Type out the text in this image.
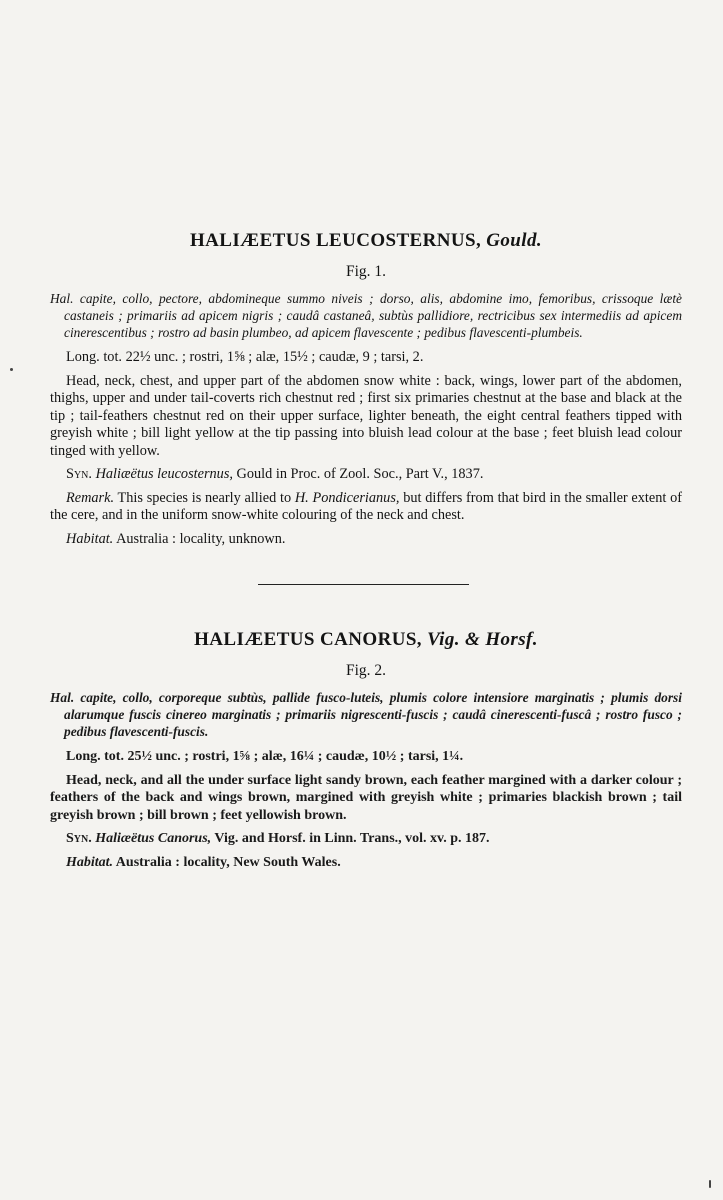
HALIÆETUS LEUCOSTERNUS, Gould.
Fig. 1.

Hal. capite, collo, pectore, abdomineque summo niveis ; dorso, alis, abdomine imo, femoribus, crissoque lætè castaneis ; primariis ad apicem nigris ; caudâ castaneâ, subtùs pallidiore, rectricibus sex intermediis ad apicem cinerescentibus ; rostro ad basin plumbeo, ad apicem flavescente ; pedibus flavescenti-plumbeis.

Long. tot. 22½ unc. ; rostri, 1⅝ ; alæ, 15½ ; caudæ, 9 ; tarsi, 2.

Head, neck, chest, and upper part of the abdomen snow white : back, wings, lower part of the abdomen, thighs, upper and under tail-coverts rich chestnut red ; first six primaries chestnut at the base and black at the tip ; tail-feathers chestnut red on their upper surface, lighter beneath, the eight central feathers tipped with greyish white ; bill light yellow at the tip passing into bluish lead colour at the base ; feet bluish lead colour tinged with yellow.

Syn. Haliæëtus leucosternus, Gould in Proc. of Zool. Soc., Part V., 1837.

Remark. This species is nearly allied to H. Pondicerianus, but differs from that bird in the smaller extent of the cere, and in the uniform snow-white colouring of the neck and chest.

Habitat. Australia : locality, unknown.

HALIÆETUS CANORUS, Vig. & Horsf.
Fig. 2.

Hal. capite, collo, corporeque subtùs, pallide fusco-luteis, plumis colore intensiore marginatis ; plumis dorsi alarumque fuscis cinereo marginatis ; primariis nigrescenti-fuscis ; caudâ cinerescenti-fuscâ ; rostro fusco ; pedibus flavescenti-fuscis.

Long. tot. 25½ unc. ; rostri, 1⅝ ; alæ, 16¼ ; caudæ, 10½ ; tarsi, 1¼.

Head, neck, and all the under surface light sandy brown, each feather margined with a darker colour ; feathers of the back and wings brown, margined with greyish white ; primaries blackish brown ; tail greyish brown ; bill brown ; feet yellowish brown.

Syn. Haliæëtus Canorus, Vig. and Horsf. in Linn. Trans., vol. xv. p. 187.

Habitat. Australia : locality, New South Wales.
